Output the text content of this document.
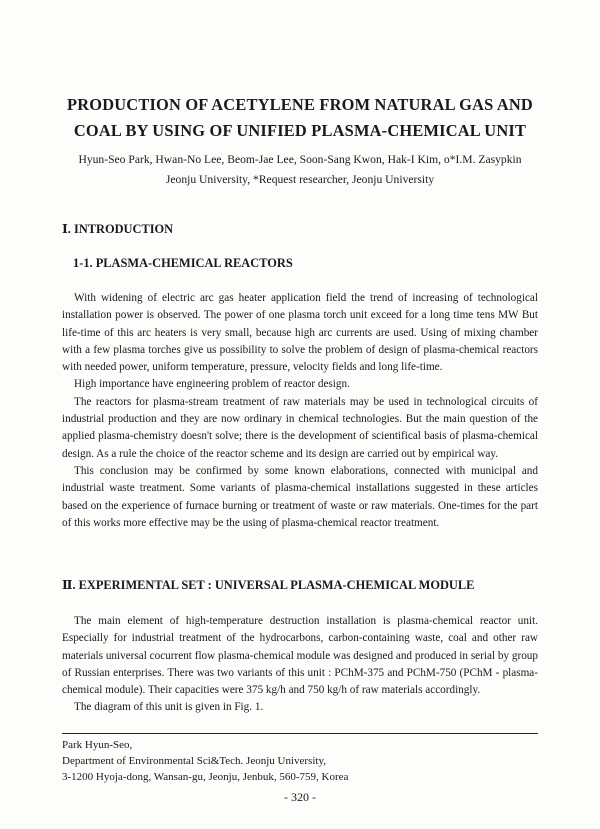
PRODUCTION OF ACETYLENE FROM NATURAL GAS AND
COAL BY USING OF UNIFIED PLASMA-CHEMICAL UNIT
Hyun-Seo Park, Hwan-No Lee, Beom-Jae Lee, Soon-Sang Kwon, Hak-I Kim, o*I.M. Zasypkin
Jeonju University, *Request researcher, Jeonju University
Ⅰ. INTRODUCTION
1-1. PLASMA-CHEMICAL REACTORS

With widening of electric arc gas heater application field the trend of increasing of technological installation power is observed. The power of one plasma torch unit exceed for a long time tens MW But life-time of this arc heaters is very small, because high arc currents are used. Using of mixing chamber with a few plasma torches give us possibility to solve the problem of design of plasma-chemical reactors with needed power, uniform temperature, pressure, velocity fields and long life-time.

High importance have engineering problem of reactor design.

The reactors for plasma-stream treatment of raw materials may be used in technological circuits of industrial production and they are now ordinary in chemical technologies. But the main question of the applied plasma-chemistry doesn't solve; there is the development of scientifical basis of plasma-chemical design. As a rule the choice of the reactor scheme and its design are carried out by empirical way.

This conclusion may be confirmed by some known elaborations, connected with municipal and industrial waste treatment. Some variants of plasma-chemical installations suggested in these articles based on the experience of furnace burning or treatment of waste or raw materials. One-times for the part of this works more effective may be the using of plasma-chemical reactor treatment.

Ⅱ. EXPERIMENTAL SET : UNIVERSAL PLASMA-CHEMICAL MODULE

The main element of high-temperature destruction installation is plasma-chemical reactor unit. Especially for industrial treatment of the hydrocarbons, carbon-containing waste, coal and other raw materials universal cocurrent flow plasma-chemical module was designed and produced in serial by group of Russian enterprises. There was two variants of this unit : PChM-375 and PChM-750 (PChM - plasma-chemical module). Their capacities were 375 kg/h and 750 kg/h of raw materials accordingly.

The diagram of this unit is given in Fig. 1.

Park Hyun-Seo,
Department of Environmental Sci&Tech. Jeonju University,
3-1200 Hyoja-dong, Wansan-gu, Jeonju, Jenbuk, 560-759, Korea
- 320 -
